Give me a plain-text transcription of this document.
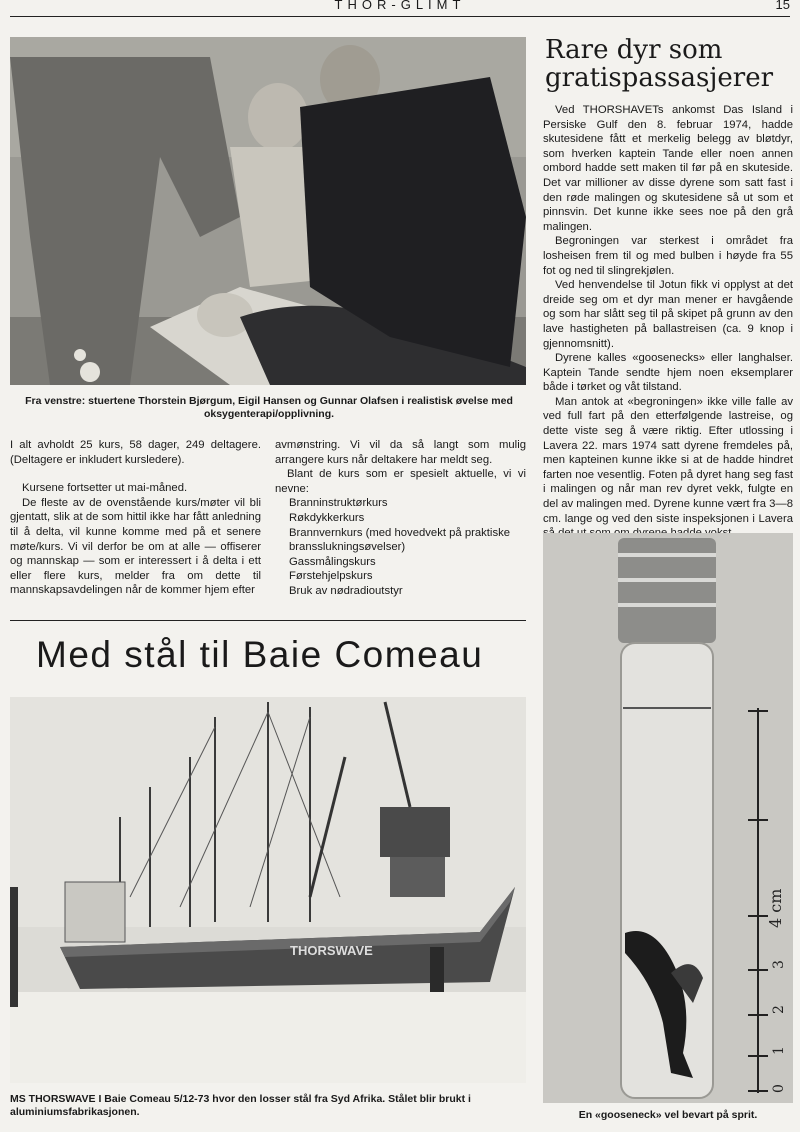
THOR-GLIMT	15
Fra venstre: stuertene Thorstein Bjørgum, Eigil Hansen og Gunnar Olafsen i realistisk øvelse med oksygenterapi/opplivning.

I alt avholdt 25 kurs, 58 dager, 249 deltagere. (Deltagere er inkludert kursledere).

Kursene fortsetter ut mai-måned.

De fleste av de ovenstående kurs/møter vil bli gjentatt, slik at de som hittil ikke har fått anledning til å delta, vil kunne komme med på et senere møte/kurs. Vi vil derfor be om at alle — offiserer og mannskap — som er interessert i å delta i ett eller flere kurs, melder fra om dette til mannskapsavdelingen når de kommer hjem efter

avmønstring. Vi vil da så langt som mulig arrangere kurs når deltakere har meldt seg.

Blant de kurs som er spesielt aktuelle, vi vi nevne:

Branninstruktørkurs
Røkdykkerkurs
Brannvernkurs (med hovedvekt på praktiske bransslukningsøvelser)
Gassmålingskurs
Førstehjelpskurs
Bruk av nødradioutstyr
Med stål til Baie Comeau
THORSWAVE
MS THORSWAVE I Baie Comeau 5/12-73 hvor den losser stål fra Syd Afrika. Stålet blir brukt i aluminiumsfabrikasjonen.
Rare dyr som
gratispassasjerer

Ved THORSHAVETs ankomst Das Island i Persiske Gulf den 8. februar 1974, hadde skutesidene fått et merkelig belegg av bløtdyr, som hverken kaptein Tande eller noen annen ombord hadde sett maken til før på en skuteside. Det var millioner av disse dyrene som satt fast i den røde malingen og skutesidene så ut som et pinnsvin. Det kunne ikke sees noe på den grå malingen.

Begroningen var sterkest i området fra losheisen frem til og med bulben i høyde fra 55 fot og ned til slingrekjølen.

Ved henvendelse til Jotun fikk vi opplyst at det dreide seg om et dyr man mener er havgående og som har slått seg til på skipet på grunn av den lave hastigheten på ballastreisen (ca. 9 knop i gjennomsnitt).

Dyrene kalles «goosenecks» eller langhalser. Kaptein Tande sendte hjem noen eksemplarer både i tørket og våt tilstand.

Man antok at «begroningen» ikke ville falle av ved full fart på den etterfølgende lastreise, og dette viste seg å være riktig. Efter utlossing i Lavera 22. mars 1974 satt dyrene fremdeles på, men kapteinen kunne ikke si at de hadde hindret farten noe vesentlig. Foten på dyret hang seg fast i malingen og når man rev dyret vekk, fulgte en del av malingen med. Dyrene kunne vært fra 3—8 cm. lange og ved den siste inspeksjonen i Lavera

4 cm
3
2
1
0
En «gooseneck» vel bevart på sprit.
